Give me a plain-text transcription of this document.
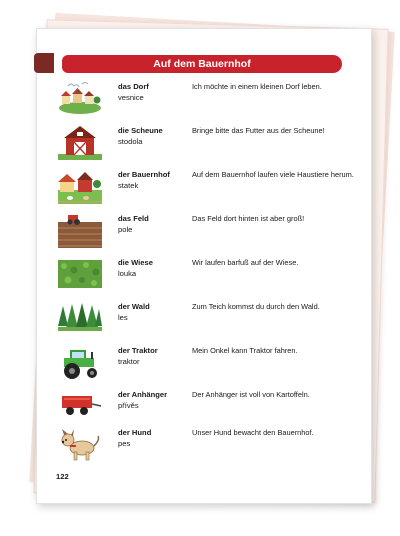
Auf dem Bauernhof
das Dorf
vesnice
Ich möchte in einem kleinen Dorf leben.
die Scheune
stodola
Bringe bitte das Futter aus der Scheune!
der Bauernhof
statek
Auf dem Bauernhof laufen viele Haustiere herum.
das Feld
pole
Das Feld dort hinten ist aber groß!
die Wiese
louka
Wir laufen barfuß auf der Wiese.
der Wald
les
Zum Teich kommst du durch den Wald.
der Traktor
traktor
Mein Onkel kann Traktor fahren.
der Anhänger
přívěs
Der Anhänger ist voll von Kartoffeln.
der Hund
pes
Unser Hund bewacht den Bauernhof.
122
